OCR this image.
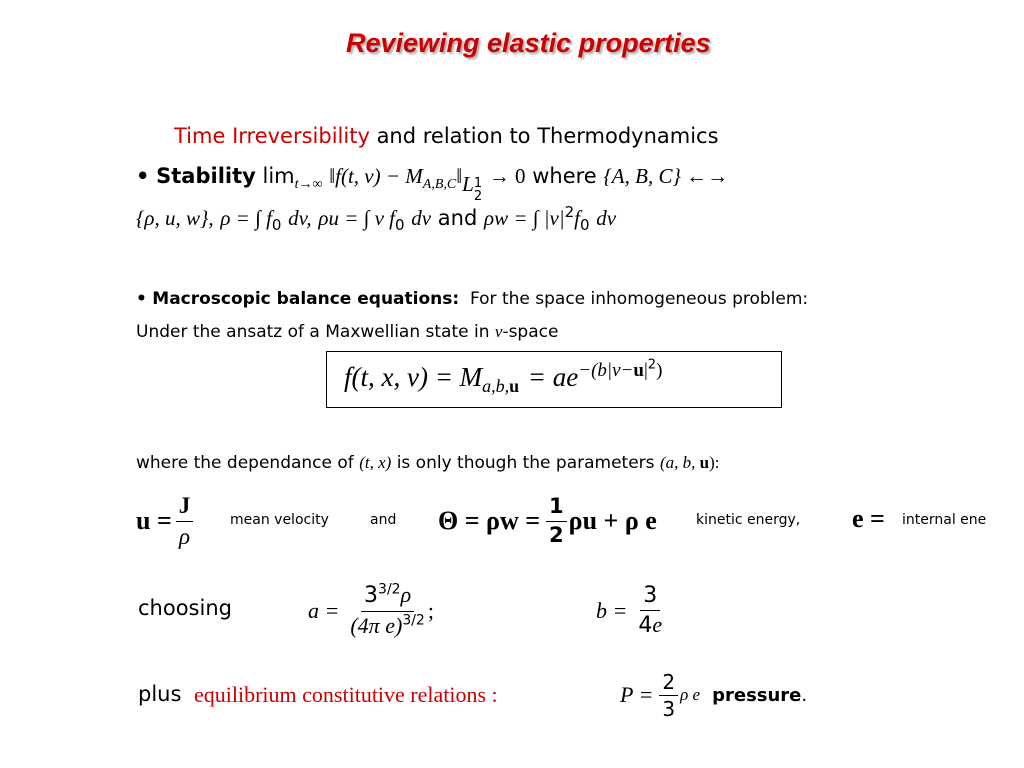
Reviewing elastic properties
Time Irreversibility and relation to Thermodynamics
• Stability $\lim_{t\to\infty}$ ‖f(t, $v) - M_{A,B,C}‖L$ 1
2
→ 0 where {A, B, C} ←→
{ρ, u, w}, ρ = ∫ $f_0$ dv, ρu = ∫ v $f_0$ dv and ρw = ∫ $|v|^2f_0$ dv
• Macroscopic balance equations: For the space inhomogeneous problem:
Under the ansatz of a Maxwellian state in v-space
f(t, x, $v) = M_{a,b,u} = ae^{-(b|v-u|^2)}$
where the dependance of (t, x) is only though the parameters (a, b, u):
$u = \frac{J}{\rho}$	mean velocity	and $\Theta = \rho w = \frac{1}{2}$ ρu + ρ e	kinetic energy, e = internal ene
choosing	$a = \frac{3^{3/2}\rho}{(4\pi e)^{3/2}}$ ;	$b = \frac{3}{4e}$
plus equilibrium constitutive relations :	$P = \frac{2}{3}$ ρ e pressure .
